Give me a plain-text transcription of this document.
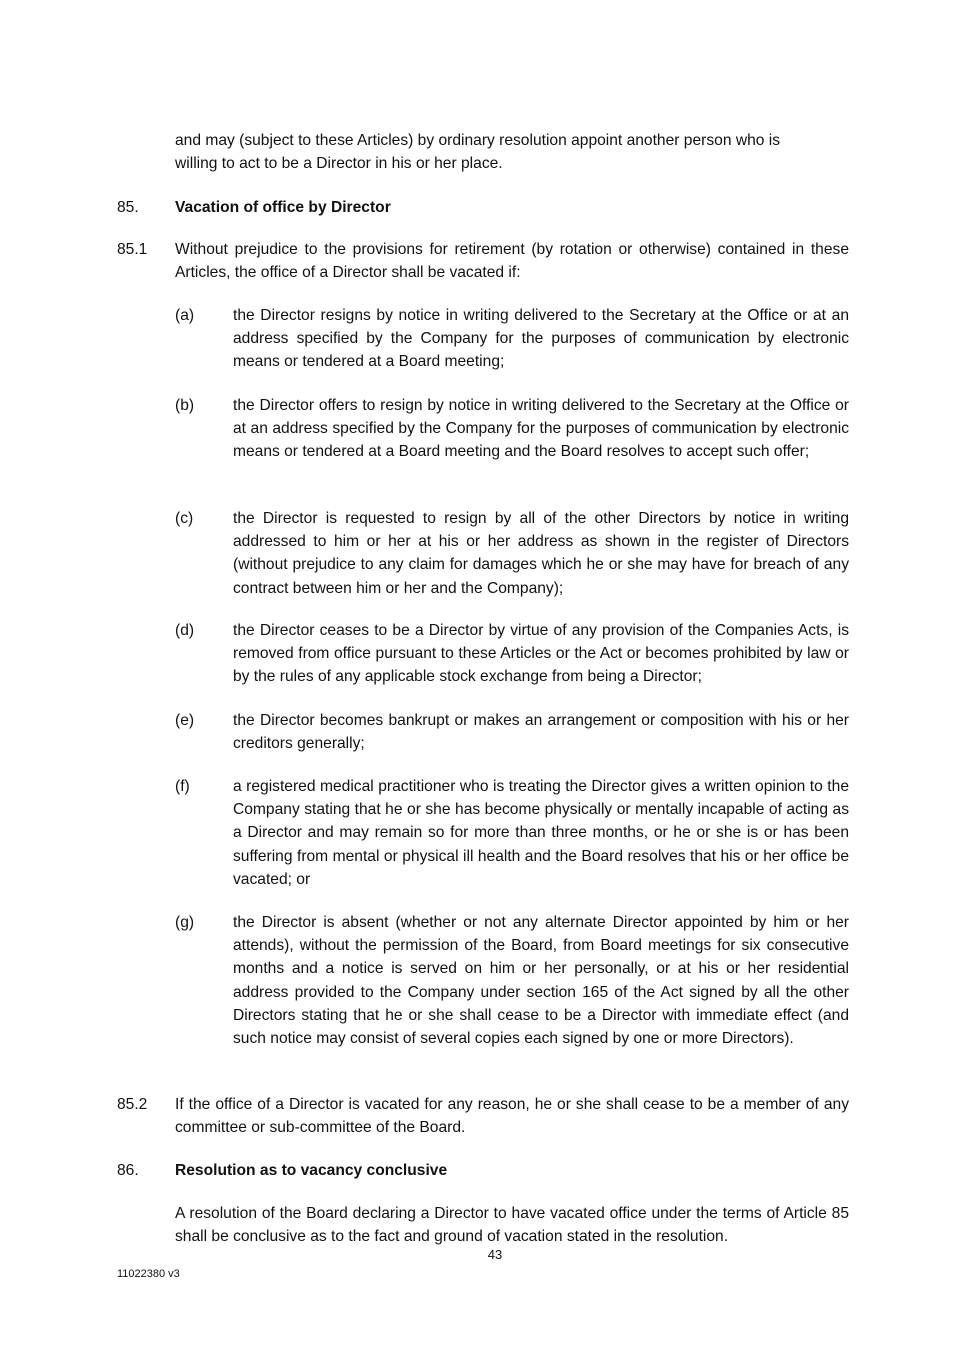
and may (subject to these Articles) by ordinary resolution appoint another person who is
willing to act to be a Director in his or her place.
85. Vacation of office by Director
85.1 Without prejudice to the provisions for retirement (by rotation or otherwise) contained in these Articles, the office of a Director shall be vacated if:
(a) the Director resigns by notice in writing delivered to the Secretary at the Office or at an address specified by the Company for the purposes of communication by electronic means or tendered at a Board meeting;
(b) the Director offers to resign by notice in writing delivered to the Secretary at the Office or at an address specified by the Company for the purposes of communication by electronic means or tendered at a Board meeting and the Board resolves to accept such offer;
(c)	the Director is requested to resign by all of the other Directors by notice in writing addressed to him or her at his or her address as shown in the register of Directors (without prejudice to any claim for damages which he or she may have for breach of any contract between him or her and the Company);
(d) the Director ceases to be a Director by virtue of any provision of the Companies Acts, is removed from office pursuant to these Articles or the Act or becomes prohibited by law or by the rules of any applicable stock exchange from being a Director;
(e) the Director becomes bankrupt or makes an arrangement or composition with his or her creditors generally;
(f)	a registered medical practitioner who is treating the Director gives a written opinion to the Company stating that he or she has become physically or mentally incapable of acting as a Director and may remain so for more than three months, or he or she is or has been suffering from mental or physical ill health and the Board resolves that his or her office be vacated; or
(g) the Director is absent (whether or not any alternate Director appointed by him or her attends), without the permission of the Board, from Board meetings for six consecutive months and a notice is served on him or her personally, or at his or her residential address provided to the Company under section 165 of the Act signed by all the other Directors stating that he or she shall cease to be a Director with immediate effect (and such notice may consist of several copies each signed by one or more Directors).
85.2 If the office of a Director is vacated for any reason, he or she shall cease to be a member of any committee or sub-committee of the Board.
86. Resolution as to vacancy conclusive
A resolution of the Board declaring a Director to have vacated office under the terms of Article 85 shall be conclusive as to the fact and ground of vacation stated in the resolution.
43
11022380 v3
